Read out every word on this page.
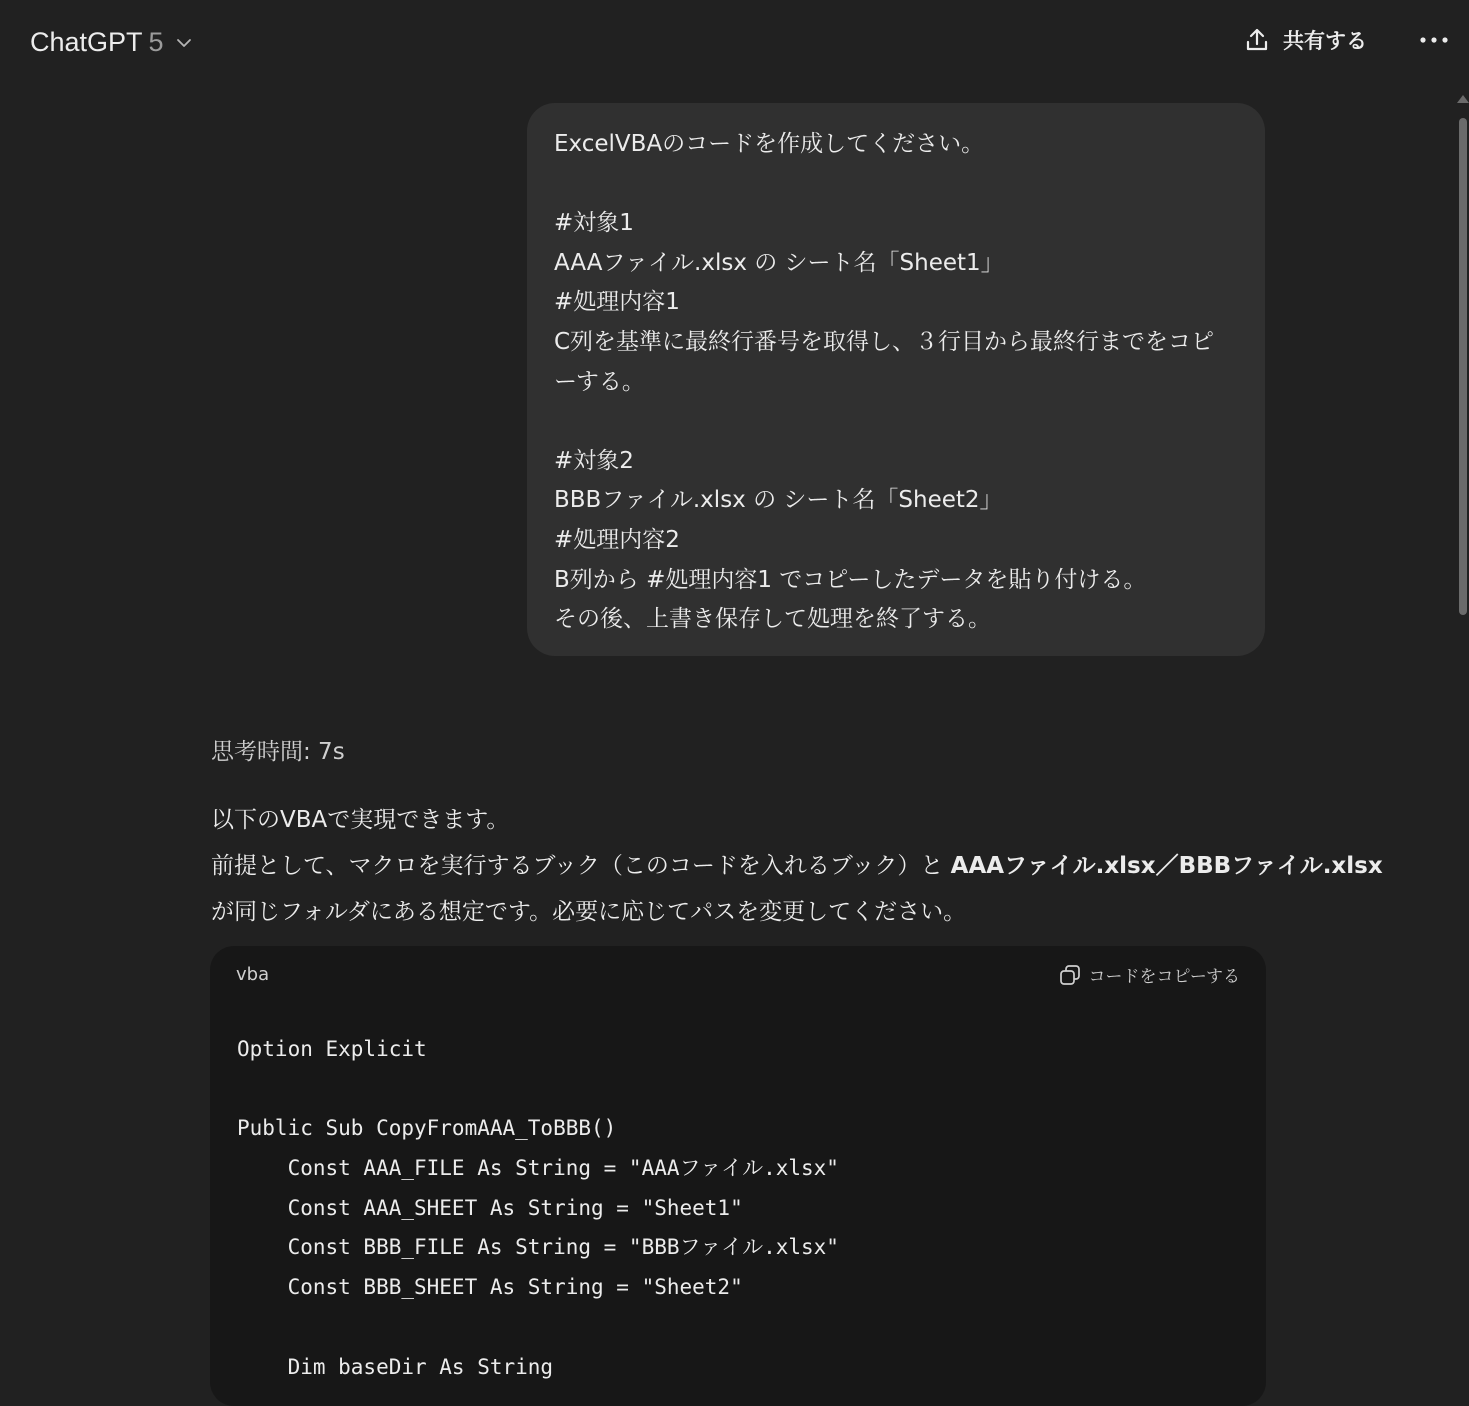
ChatGPT 5	共有する
ExcelVBAのコードを作成してください。
#対象1
AAAファイル.xlsx の シート名「Sheet1」
#処理内容1
C列を基準に最終行番号を取得し、３行目から最終行までをコピ
ーする。
#対象2
BBBファイル.xlsx の シート名「Sheet2」
#処理内容2
B列から #処理内容1 でコピーしたデータを貼り付ける。
その後、上書き保存して処理を終了する。
思考時間: 7s

以下のVBAで実現できます。

前提として、マクロを実行するブック（このコードを入れるブック）と AAAファイル.xlsx／BBBファイル.xlsx

が同じフォルダにある想定です。必要に応じてパスを変更してください。

vba	コードをコピーする
Option Explicit
Public Sub CopyFromAAA_ToBBB()
Const AAA_FILE As String = "AAAファイル.xlsx"
Const AAA_SHEET As String = "Sheet1"
Const BBB_FILE As String = "BBBファイル.xlsx"
Const BBB_SHEET As String = "Sheet2"
Dim baseDir As String
